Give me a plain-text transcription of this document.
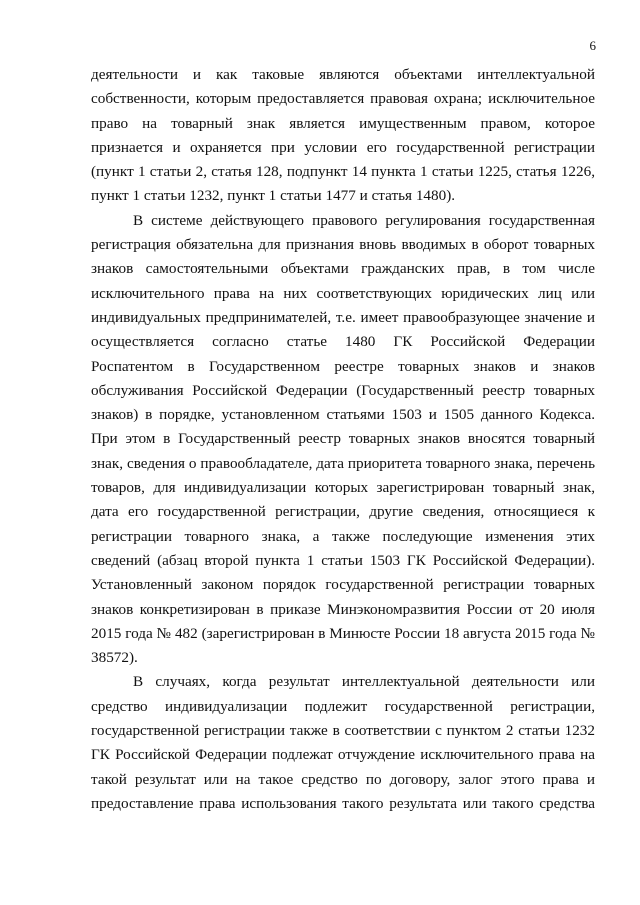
6

деятельности и как таковые являются объектами интеллектуальной собственности, которым предоставляется правовая охрана; исключительное право на товарный знак является имущественным правом, которое признается и охраняется при условии его государственной регистрации (пункт 1 статьи 2, статья 128, подпункт 14 пункта 1 статьи 1225, статья 1226, пункт 1 статьи 1232, пункт 1 статьи 1477 и статья 1480).

В системе действующего правового регулирования государственная регистрация обязательна для признания вновь вводимых в оборот товарных знаков самостоятельными объектами гражданских прав, в том числе исключительного права на них соответствующих юридических лиц или индивидуальных предпринимателей, т.е. имеет правообразующее значение и осуществляется согласно статье 1480 ГК Российской Федерации Роспатентом в Государственном реестре товарных знаков и знаков обслуживания Российской Федерации (Государственный реестр товарных знаков) в порядке, установленном статьями 1503 и 1505 данного Кодекса. При этом в Государственный реестр товарных знаков вносятся товарный знак, сведения о правообладателе, дата приоритета товарного знака, перечень товаров, для индивидуализации которых зарегистрирован товарный знак, дата его государственной регистрации, другие сведения, относящиеся к регистрации товарного знака, а также последующие изменения этих сведений (абзац второй пункта 1 статьи 1503 ГК Российской Федерации). Установленный законом порядок государственной регистрации товарных знаков конкретизирован в приказе Минэкономразвития России от 20 июля 2015 года № 482 (зарегистрирован в Минюсте России 18 августа 2015 года № 38572).

В случаях, когда результат интеллектуальной деятельности или средство индивидуализации подлежит государственной регистрации, государственной регистрации также в соответствии с пунктом 2 статьи 1232 ГК Российской Федерации подлежат отчуждение исключительного права на такой результат или на такое средство по договору, залог этого права и предоставление права использования такого результата или такого средства
